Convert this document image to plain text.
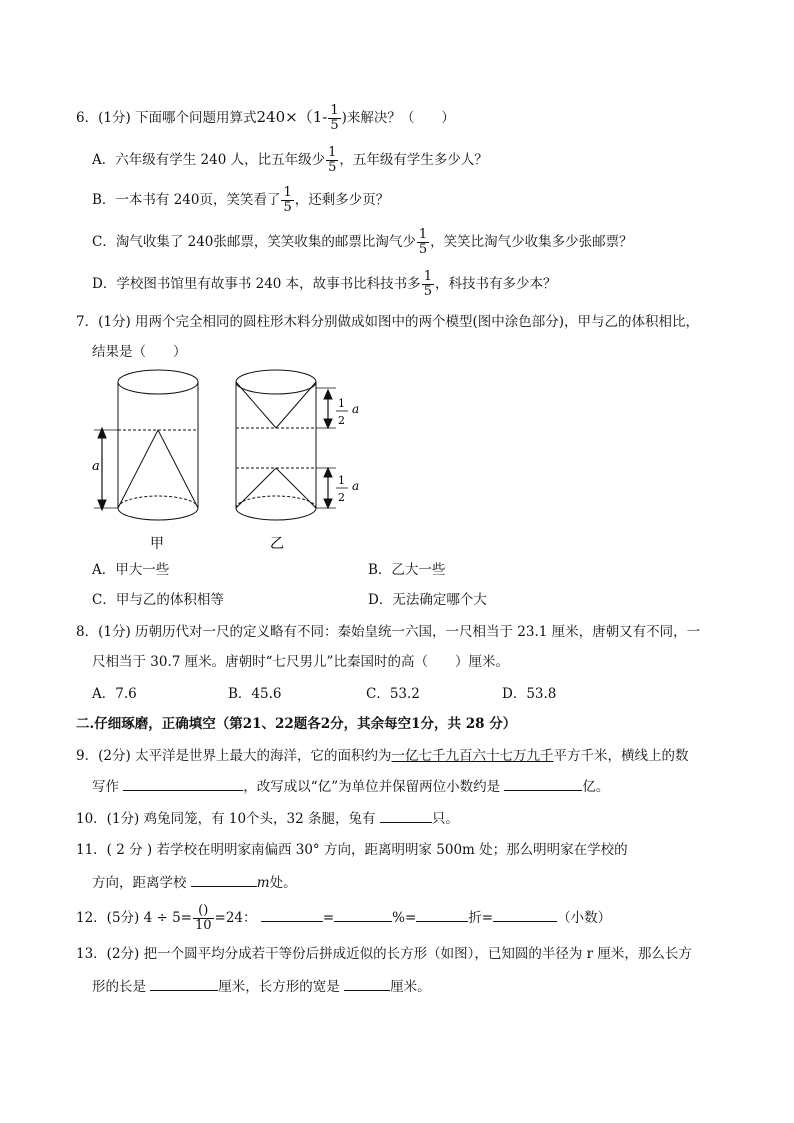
6．(1分) 下面哪个问题用算式$240\times(1- \frac{1}{5}$ )来解决？（　　）
A．六年级有学生 240 人，比五年级少 $\frac{1}{5}$ ，五年级有学生多少人？
B．一本书有 240页，笑笑看了 $\frac{1}{5}$ ，还剩多少页？
C．淘气收集了 240张邮票，笑笑收集的邮票比淘气少 $\frac{1}{5}$ ，笑笑比淘气少收集多少张邮票？
D．学校图书馆里有故事书 240 本，故事书比科技书多 $\frac{1}{5}$ ，科技书有多少本？
7．(1分) 用两个完全相同的圆柱形木料分别做成如图中的两个模型(图中涂色部分)，甲与乙的体积相比，
结果是（　　）
a
1
2
a
1
2
a
甲	乙
A．甲大一些	B．乙大一些
C．甲与乙的体积相等	D．无法确定哪个大
8．(1分) 历朝历代对一尺的定义略有不同：秦始皇统一六国，一尺相当于 23.1 厘米，唐朝又有不同，一
尺相当于 30.7 厘米。唐朝时“七尺男儿”比秦国时的高（　　）厘米。
A．7.6	B．45.6	C．53.2	D．53.8
二.仔细琢磨，正确填空（第21、22题各2分，其余每空1分，共 28 分）
9．(2分) 太平洋是世界上最大的海洋，它的面积约为一亿七千九百六十七万九千平方千米，横线上的数
写作	，改写成以“亿”为单位并保留两位小数约是	亿。
10．(1分) 鸡兔同笼，有 10个头，32 条腿，兔有	只。
11．( 2 分 ) 若学校在明明家南偏西 30° 方向，距离明明家 500m 处；那么明明家在学校的
方向，距离学校	m处。
12．(5分) $4 \div 5= \frac{()}{10} =24$：	=	%=	折=	（小数）
13．(2分) 把一个圆平均分成若干等份后拼成近似的长方形（如图），已知圆的半径为 r 厘米，那么长方
形的长是	厘米，长方形的宽是	厘米。
